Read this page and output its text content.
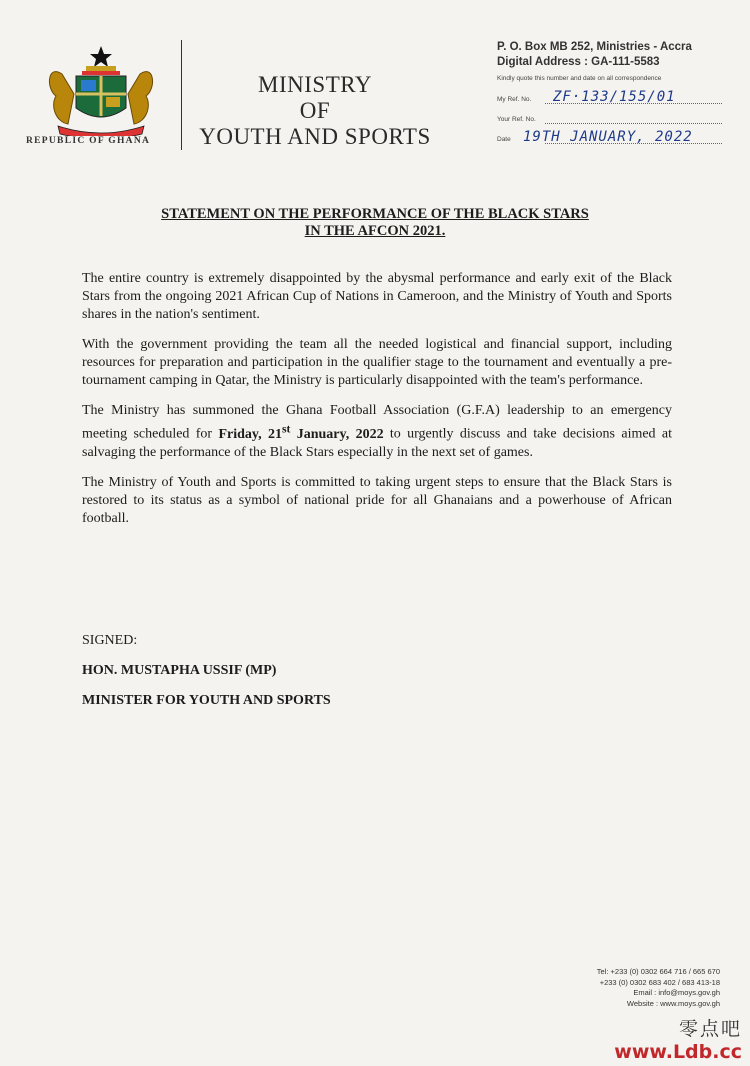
REPUBLIC OF GHANA
MINISTRY
OF
YOUTH AND SPORTS
P. O. Box MB 252, Ministries - Accra
Digital Address : GA-111-5583
Kindly quote this number and date on all correspondence
My Ref. No. ZF·133/155/01
Your Ref. No.
Date 19TH JANUARY, 2022
STATEMENT ON THE PERFORMANCE OF THE BLACK STARS
IN THE AFCON 2021.

The entire country is extremely disappointed by the abysmal performance and early exit of the Black Stars from the ongoing 2021 African Cup of Nations in Cameroon, and the Ministry of Youth and Sports shares in the nation's sentiment.

With the government providing the team all the needed logistical and financial support, including resources for preparation and participation in the qualifier stage to the tournament and eventually a pre-tournament camping in Qatar, the Ministry is particularly disappointed with the team's performance.

The Ministry has summoned the Ghana Football Association (G.F.A) leadership to an emergency meeting scheduled for Friday, 21st January, 2022 to urgently discuss and take decisions aimed at salvaging the performance of the Black Stars especially in the next set of games.

The Ministry of Youth and Sports is committed to taking urgent steps to ensure that the Black Stars is restored to its status as a symbol of national pride for all Ghanaians and a powerhouse of African football.

SIGNED:
HON. MUSTAPHA USSIF (MP)
MINISTER FOR YOUTH AND SPORTS
Tel: +233 (0) 0302 664 716 / 665 670
+233 (0) 0302 683 402 / 683 413-18
Email : info@moys.gov.gh
Website : www.moys.gov.gh
零点吧
www.Ldb.cc
